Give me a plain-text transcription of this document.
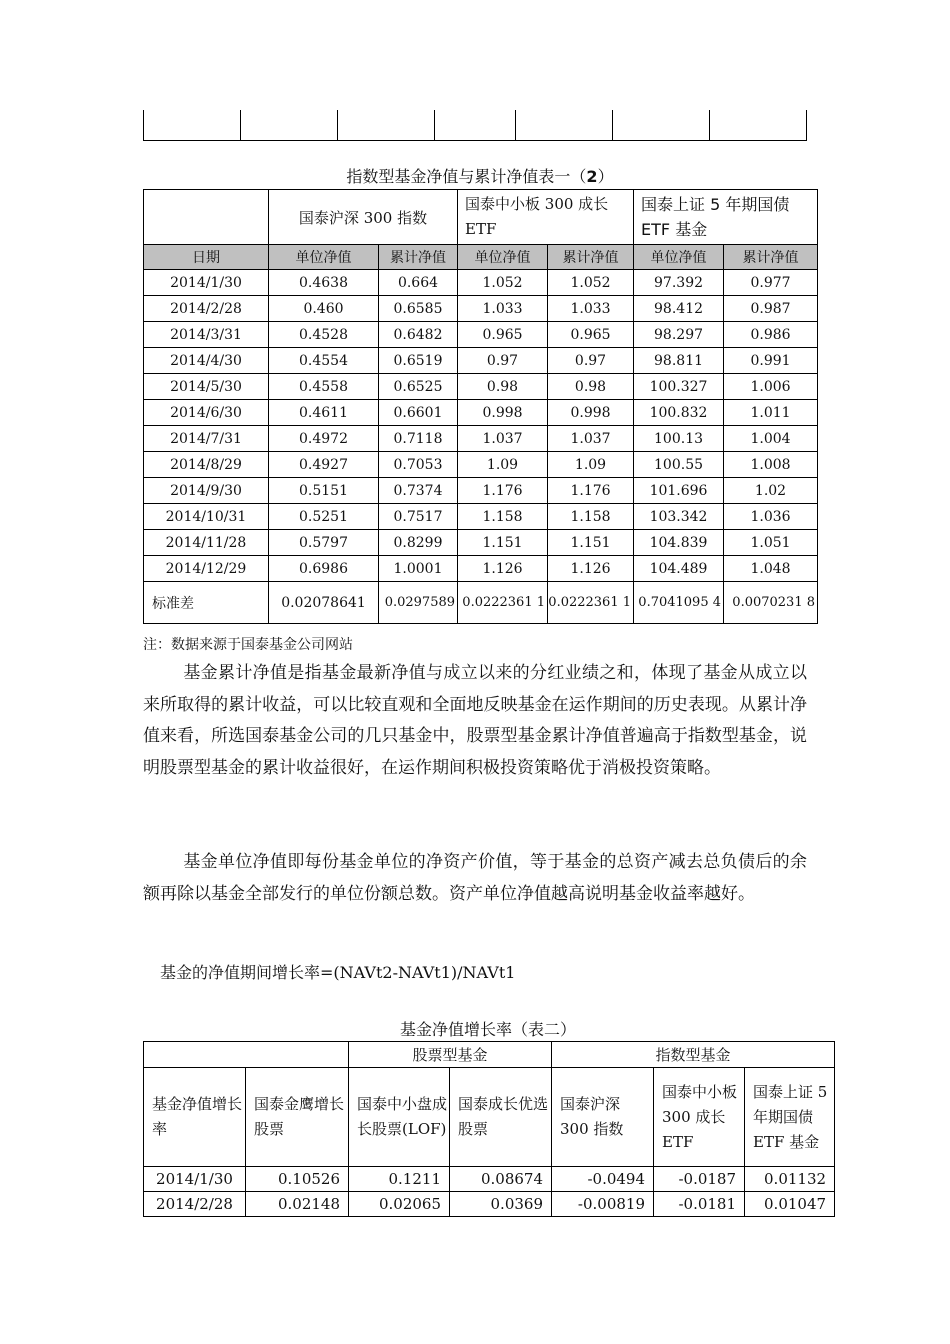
指数型基金净值与累计净值表一（2）
	国泰沪深 300 指数		国泰中小板 300 成长 ETF		国泰上证 5 年期国债 ETF 基金	
日期	单位净值	累计净值	单位净值	累计净值	单位净值	累计净值
2014/1/30	0.4638	0.664	1.052	1.052	97.392	0.977
2014/2/28	0.460	0.6585	1.033	1.033	98.412	0.987
2014/3/31	0.4528	0.6482	0.965	0.965	98.297	0.986
2014/4/30	0.4554	0.6519	0.97	0.97	98.811	0.991
2014/5/30	0.4558	0.6525	0.98	0.98	100.327	1.006
2014/6/30	0.4611	0.6601	0.998	0.998	100.832	1.011
2014/7/31	0.4972	0.7118	1.037	1.037	100.13	1.004
2014/8/29	0.4927	0.7053	1.09	1.09	100.55	1.008
2014/9/30	0.5151	0.7374	1.176	1.176	101.696	1.02
2014/10/31	0.5251	0.7517	1.158	1.158	103.342	1.036
2014/11/28	0.5797	0.8299	1.151	1.151	104.839	1.051
2014/12/29	0.6986	1.0001	1.126	1.126	104.489	1.048
标准差	0.02078641	0.0297589	0.0222361 1	0.0222361 1	0.7041095 4	0.0070231 8
注：数据来源于国泰基金公司网站
基金累计净值是指基金最新净值与成立以来的分红业绩之和，体现了基金从成立以来所取得的累计收益，可以比较直观和全面地反映基金在运作期间的历史表现。从累计净值来看，所选国泰基金公司的几只基金中，股票型基金累计净值普遍高于指数型基金，说明股票型基金的累计收益很好，在运作期间积极投资策略优于消极投资策略。
基金单位净值即每份基金单位的净资产价值，等于基金的总资产减去总负债后的余额再除以基金全部发行的单位份额总数。资产单位净值越高说明基金收益率越好。
基金的净值期间增长率=(NAVt2-NAVt1)/NAVt1
基金净值增长率（表二）
		股票型基金		指数型基金		
基金净值增长率	国泰金鹰增长股票	国泰中小盘成长股票(LOF)	国泰成长优选股票	国泰沪深 300 指数	国泰中小板 300 成长 ETF	国泰上证 5 年期国债 ETF 基金
2014/1/30	0.10526	0.1211	0.08674	-0.0494	-0.0187	0.01132
2014/2/28	0.02148	0.02065	0.0369	-0.00819	-0.0181	0.01047
